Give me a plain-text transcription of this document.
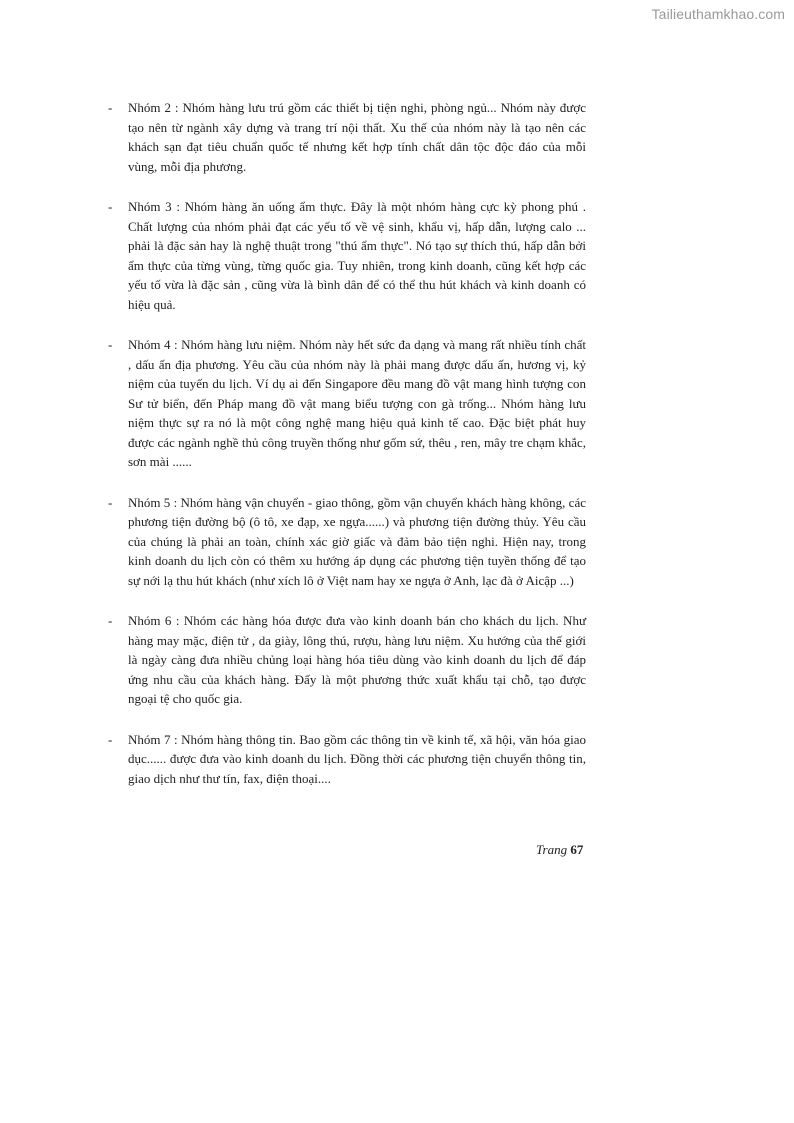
Tailieuthamkhao.com
-	Nhóm 2 : Nhóm hàng lưu trú gồm các thiết bị tiện nghi, phòng ngủ... Nhóm này được tạo nên từ ngành xây dựng và trang trí nội thất. Xu thế của nhóm này là tạo nên các khách sạn đạt tiêu chuẩn quốc tế nhưng kết hợp tính chất dân tộc độc đáo của mỗi vùng, mỗi địa phương.
-	Nhóm 3 : Nhóm hàng ăn uống ẩm thực. Đây là một nhóm hàng cực kỳ phong phú . Chất lượng của nhóm phải đạt các yếu tố về vệ sinh, khẩu vị, hấp dẫn, lượng calo ... phải là đặc sản hay là nghệ thuật trong "thú ẩm thực". Nó tạo sự thích thú, hấp dẫn bởi ẩm thực của từng vùng, từng quốc gia. Tuy nhiên, trong kinh doanh, cũng kết hợp các yếu tố vừa là đặc sản , cũng vừa là bình dân để có thể thu hút khách và kinh doanh có hiệu quả.
-	Nhóm 4 : Nhóm hàng lưu niệm. Nhóm này hết sức đa dạng và mang rất nhiều tính chất , dấu ấn địa phương. Yêu cầu của nhóm này là phải mang được dấu ấn, hương vị, kỷ niệm của tuyến du lịch. Ví dụ ai đến Singapore đều mang đồ vật mang hình tượng con Sư tử biển, đến Pháp mang đồ vật mang biểu tượng con gà trống... Nhóm hàng lưu niệm thực sự ra nó là một công nghệ mang hiệu quả kinh tế cao. Đặc biệt phát huy được các ngành nghề thủ công truyền thống như gốm sứ, thêu , ren, mây tre chạm khắc, sơn mài ......
-	Nhóm 5 : Nhóm hàng vận chuyển - giao thông, gồm vận chuyển khách hàng không, các phương tiện đường bộ (ô tô, xe đạp, xe ngựa......) và phương tiện đường thủy. Yêu cầu của chúng là phải an toàn, chính xác giờ giấc và đảm bảo tiện nghi. Hiện nay, trong kinh doanh du lịch còn có thêm xu hướng áp dụng các phương tiện tuyền thống để tạo sự nới lạ thu hút khách (như xích lô ở Việt nam hay xe ngựa ở Anh, lạc đà ở Aicập ...)
-	Nhóm 6 : Nhóm các hàng hóa được đưa vào kinh doanh bán cho khách du lịch. Như hàng may mặc, điện tử , da giày, lông thú, rượu, hàng lưu niệm. Xu hướng của thế giới là ngày càng đưa nhiều chủng loại hàng hóa tiêu dùng vào kinh doanh du lịch để đáp ứng nhu cầu của khách hàng. Đấy là một phương thức xuất khẩu tại chỗ, tạo được ngoại tệ cho quốc gia.
-	Nhóm 7 : Nhóm hàng thông tin. Bao gồm các thông tin về kinh tế, xã hội, văn hóa giao dục...... được đưa vào kinh doanh du lịch. Đồng thời các phương tiện chuyển thông tin, giao dịch như thư tín, fax, điện thoại....
Trang 67
